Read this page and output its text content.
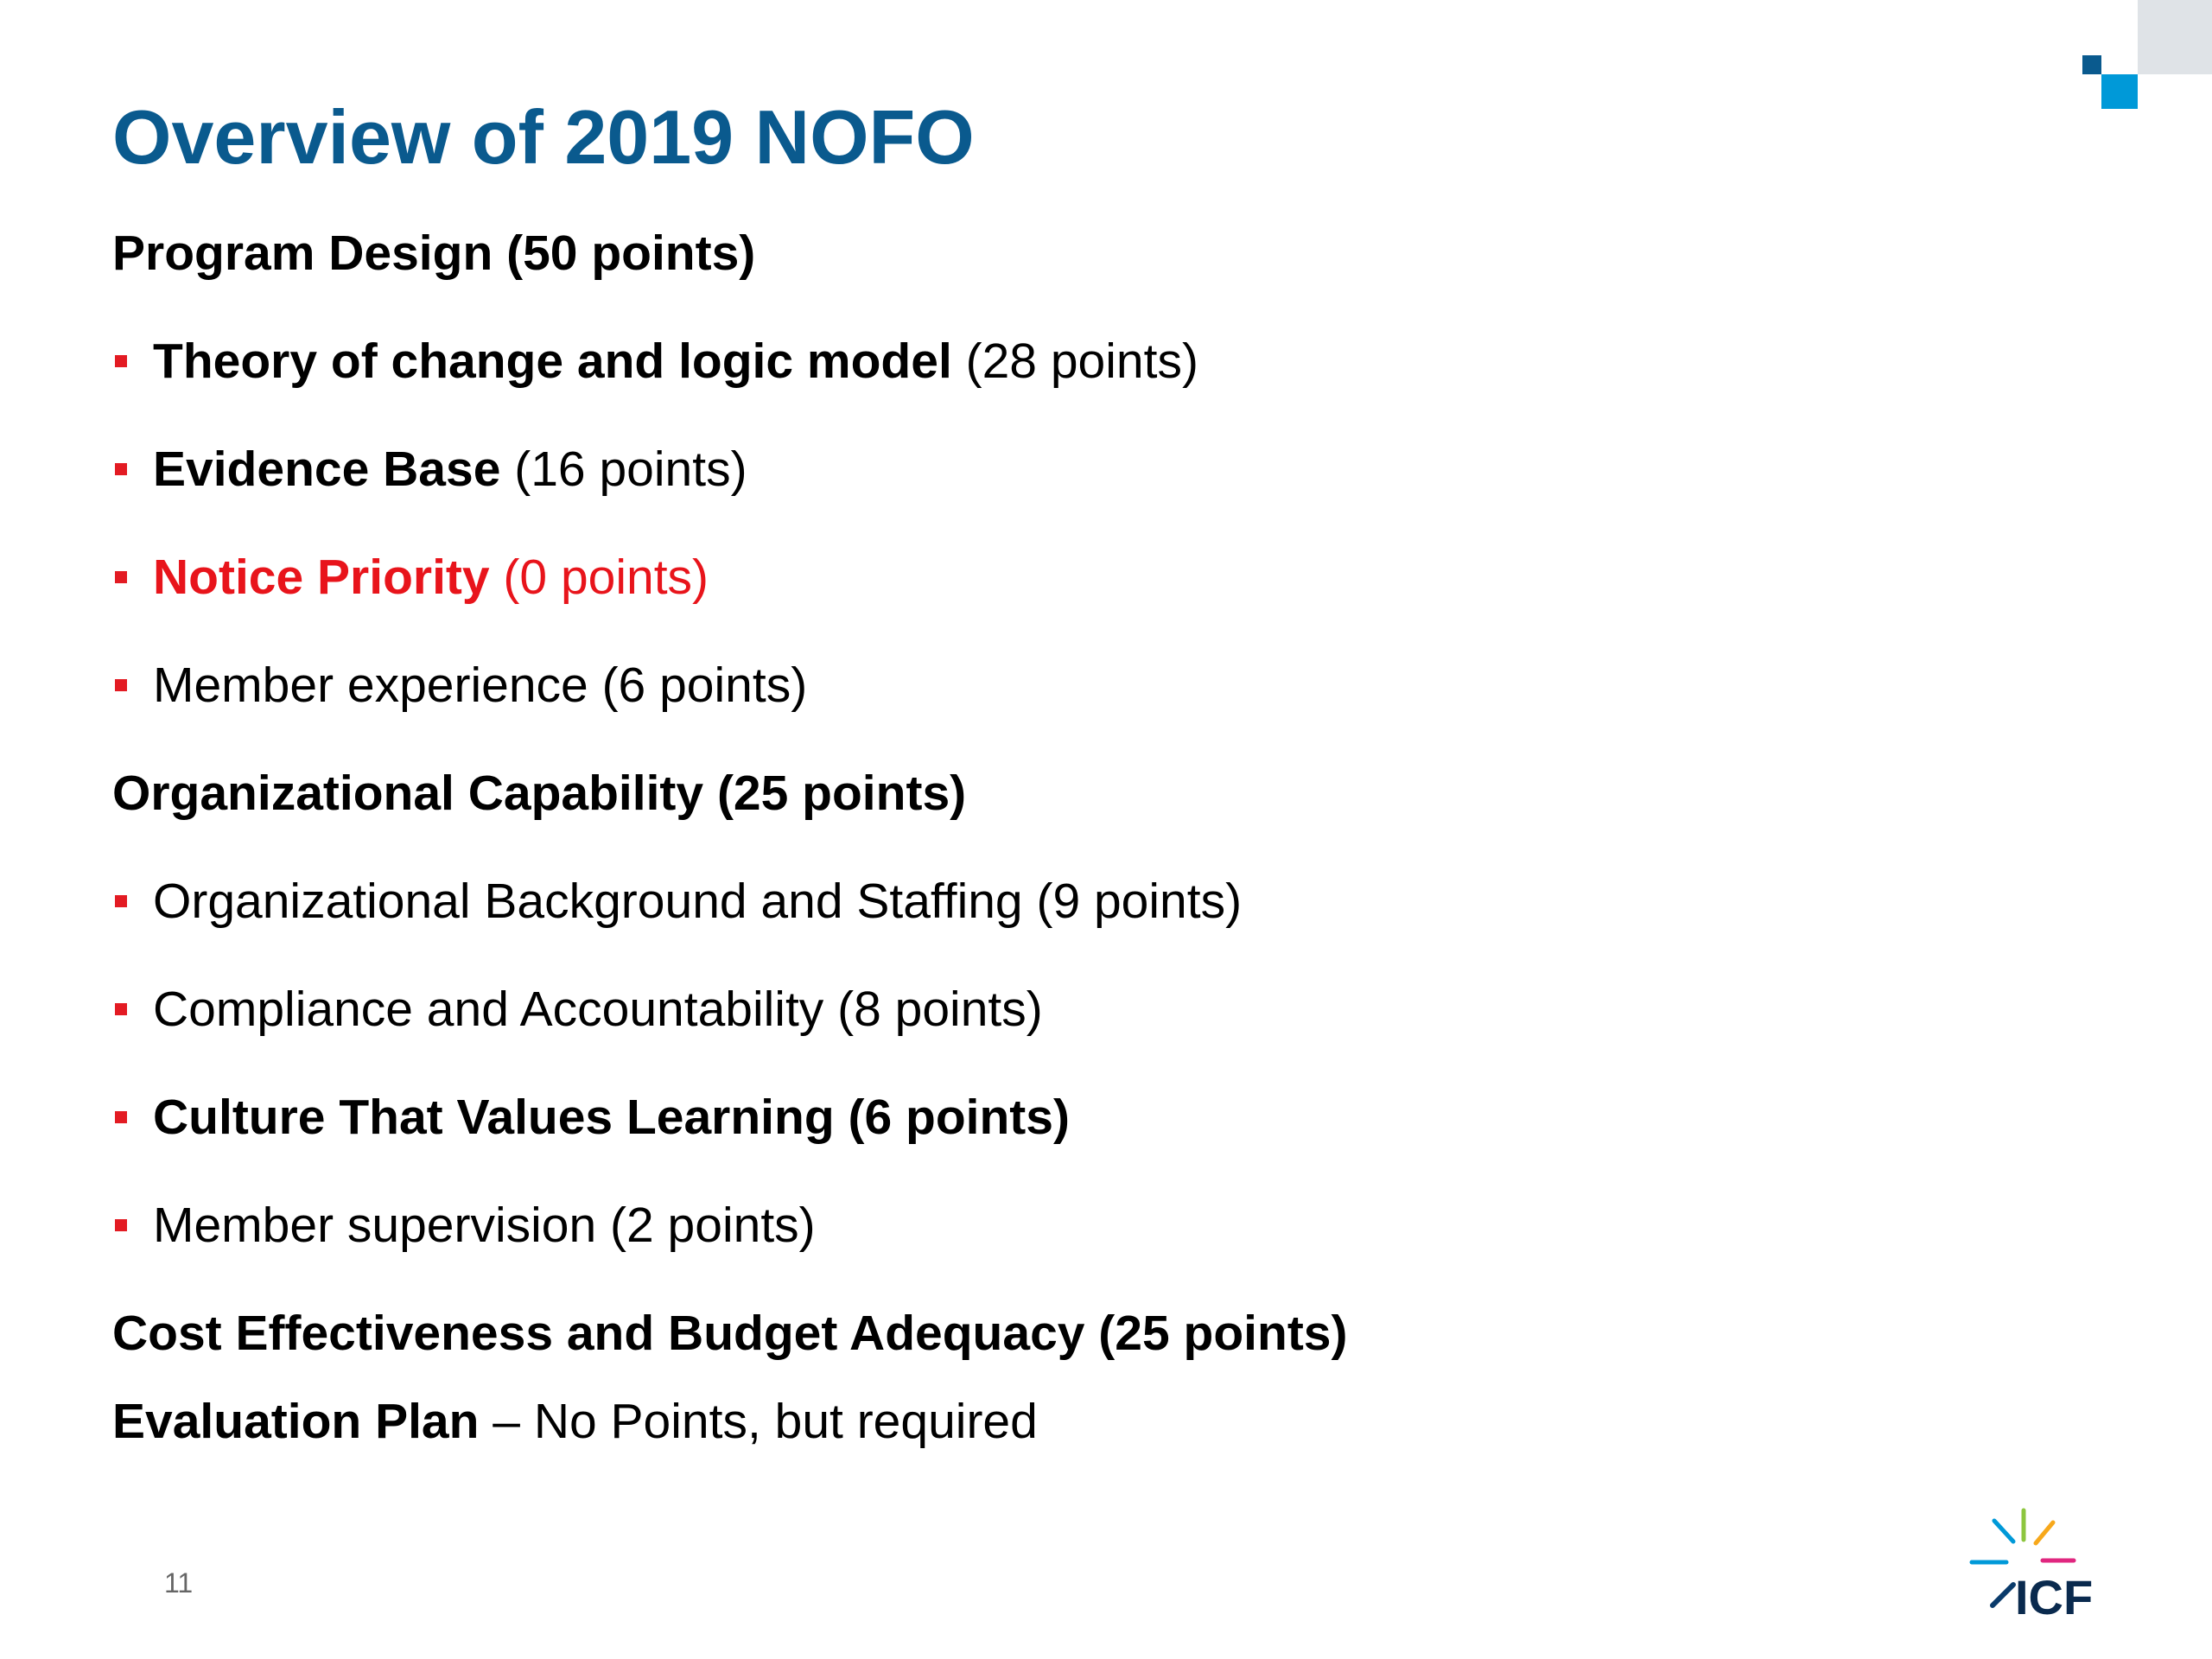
Overview of 2019 NOFO
Program Design (50 points)
Theory of change and logic model (28 points)
Evidence Base (16 points)
Notice Priority (0 points)
Member experience (6 points)
Organizational Capability (25 points)
Organizational Background and Staffing (9 points)
Compliance and Accountability (8 points)
Culture That Values Learning (6 points)
Member supervision (2 points)
Cost Effectiveness and Budget Adequacy (25 points)
Evaluation Plan – No Points, but required
11	ICF
